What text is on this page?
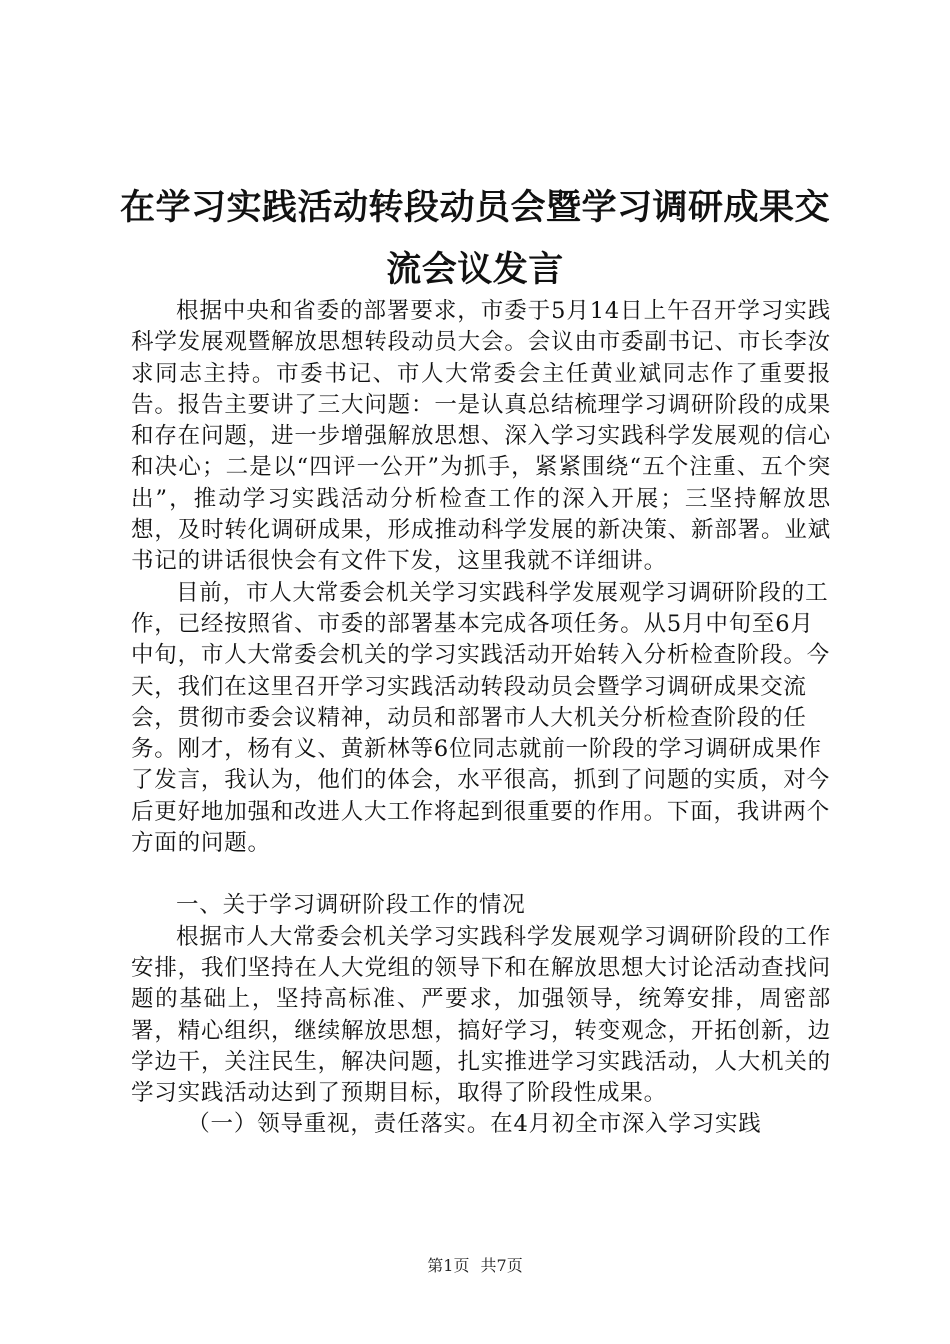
在学习实践活动转段动员会暨学习调研成果交
流会议发言

根据中央和省委的部署要求，市委于5月14日上午召开学习实践科学发展观暨解放思想转段动员大会。会议由市委副书记、市长李汝求同志主持。市委书记、市人大常委会主任黄业斌同志作了重要报告。报告主要讲了三大问题：一是认真总结梳理学习调研阶段的成果和存在问题，进一步增强解放思想、深入学习实践科学发展观的信心和决心；二是以“四评一公开”为抓手，紧紧围绕“五个注重、五个突出”，推动学习实践活动分析检查工作的深入开展；三坚持解放思想，及时转化调研成果，形成推动科学发展的新决策、新部署。业斌书记的讲话很快会有文件下发，这里我就不详细讲。

目前，市人大常委会机关学习实践科学发展观学习调研阶段的工作，已经按照省、市委的部署基本完成各项任务。从5月中旬至6月中旬，市人大常委会机关的学习实践活动开始转入分析检查阶段。今天，我们在这里召开学习实践活动转段动员会暨学习调研成果交流会，贯彻市委会议精神，动员和部署市人大机关分析检查阶段的任务。刚才，杨有义、黄新林等6位同志就前一阶段的学习调研成果作了发言，我认为，他们的体会，水平很高，抓到了问题的实质，对今后更好地加强和改进人大工作将起到很重要的作用。下面，我讲两个方面的问题。

一、关于学习调研阶段工作的情况

根据市人大常委会机关学习实践科学发展观学习调研阶段的工作安排，我们坚持在人大党组的领导下和在解放思想大讨论活动查找问题的基础上，坚持高标准、严要求，加强领导，统筹安排，周密部署，精心组织，继续解放思想，搞好学习，转变观念，开拓创新，边学边干，关注民生，解决问题，扎实推进学习实践活动，人大机关的学习实践活动达到了预期目标，取得了阶段性成果。

（一）领导重视，责任落实。在4月初全市深入学习实践

第1页 共7页
